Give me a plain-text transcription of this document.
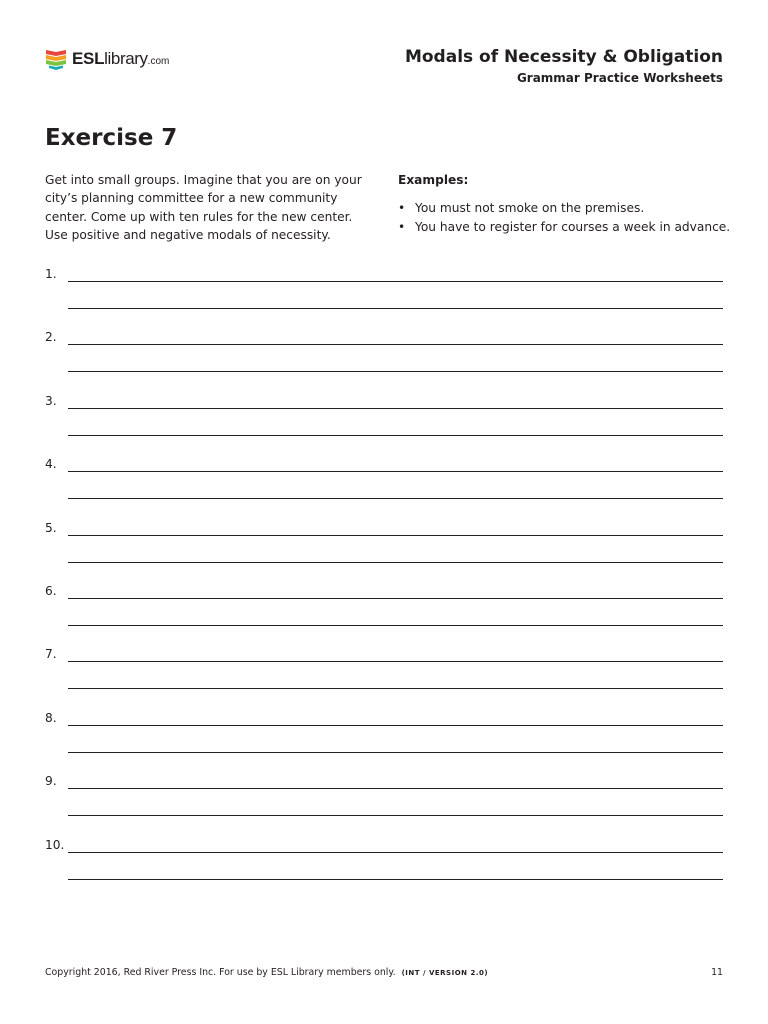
ESLlibrary.com	Modals of Necessity & Obligation
Grammar Practice Worksheets
Exercise 7
Get into small groups. Imagine that you are on your city’s planning committee for a new community center. Come up with ten rules for the new center. Use positive and negative modals of necessity.
Examples:
• You must not smoke on the premises.
• You have to register for courses a week in advance.
1.
2.
3.
4.
5.
6.
7.
8.
9.
10.
Copyright 2016, Red River Press Inc. For use by ESL Library members only. (INT / VERSION 2.0)	11
